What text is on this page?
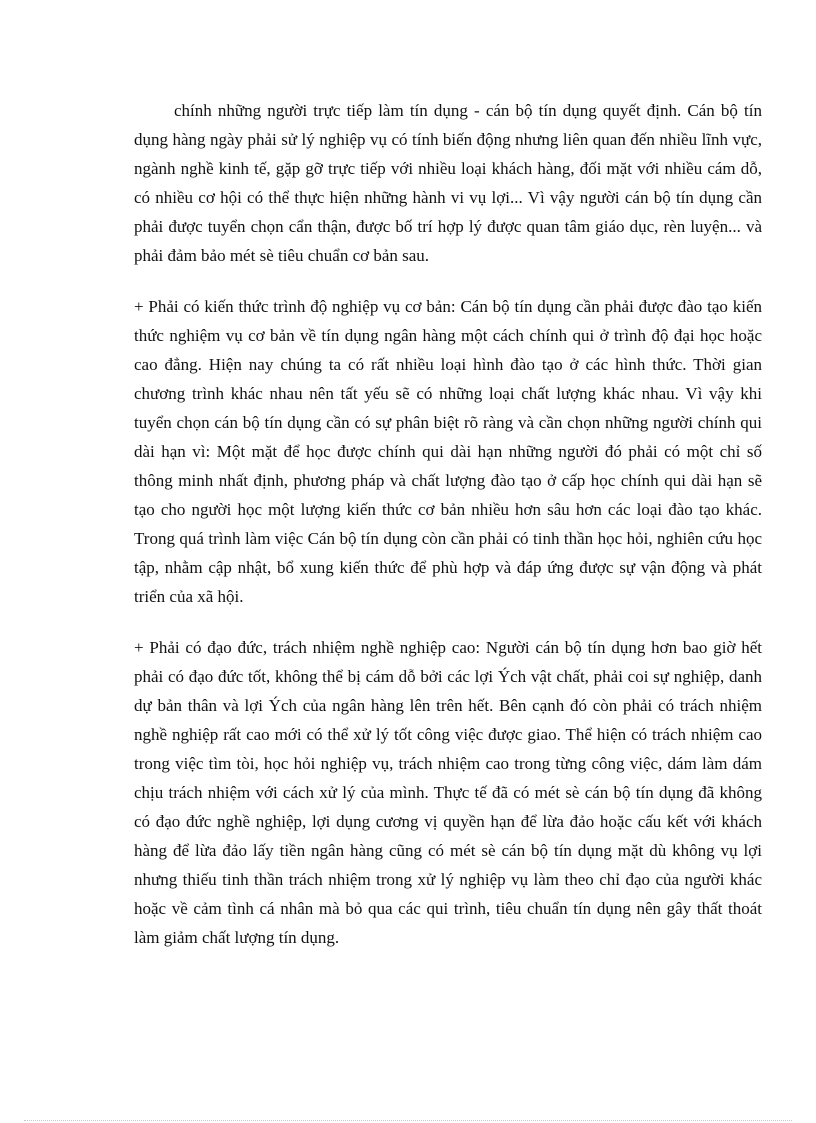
chính những người trực tiếp làm tín dụng - cán bộ tín dụng quyết định. Cán bộ tín dụng hàng ngày phải sử lý nghiệp vụ có tính biến động nhưng liên quan đến nhiều lĩnh vực, ngành nghề kinh tế, gặp gỡ trực tiếp với nhiều loại khách hàng, đối mặt với nhiều cám dỗ, có nhiều cơ hội có thể thực hiện những hành vi vụ lợi... Vì vậy người cán bộ tín dụng cần phải được tuyển chọn cẩn thận, được bố trí hợp lý được quan tâm giáo dục, rèn luyện... và phải đảm bảo mét sè tiêu chuẩn cơ bản sau.

+ Phải có kiến thức trình độ nghiệp vụ cơ bản: Cán bộ tín dụng cần phải được đào tạo kiến thức nghiệm vụ cơ bản về tín dụng ngân hàng một cách chính qui ở trình độ đại học hoặc cao đẳng. Hiện nay chúng ta có rất nhiều loại hình đào tạo ở các hình thức. Thời gian chương trình khác nhau nên tất yếu sẽ có những loại chất lượng khác nhau. Vì vậy khi tuyển chọn cán bộ tín dụng cần có sự phân biệt rõ ràng và cần chọn những người chính qui dài hạn vì: Một mặt để học được chính qui dài hạn những người đó phải có một chỉ số thông minh nhất định, phương pháp và chất lượng đào tạo ở cấp học chính qui dài hạn sẽ tạo cho người học một lượng kiến thức cơ bản nhiều hơn sâu hơn các loại đào tạo khác. Trong quá trình làm việc Cán bộ tín dụng còn cần phải có tinh thần học hỏi, nghiên cứu học tập, nhằm cập nhật, bổ xung kiến thức để phù hợp và đáp ứng được sự vận động và phát triển của xã hội.

+ Phải có đạo đức, trách nhiệm nghề nghiệp cao: Người cán bộ tín dụng hơn bao giờ hết phải có đạo đức tốt, không thể bị cám dỗ bởi các lợi Ých vật chất, phải coi sự nghiệp, danh dự bản thân và lợi Ých của ngân hàng lên trên hết. Bên cạnh đó còn phải có trách nhiệm nghề nghiệp rất cao mới có thể xử lý tốt công việc được giao. Thể hiện có trách nhiệm cao trong việc tìm tòi, học hỏi nghiệp vụ, trách nhiệm cao trong từng công việc, dám làm dám chịu trách nhiệm với cách xử lý của mình. Thực tế đã có mét sè cán bộ tín dụng đã không có đạo đức nghề nghiệp, lợi dụng cương vị quyền hạn để lừa đảo hoặc cấu kết với khách hàng để lừa đảo lấy tiền ngân hàng cũng có mét sè cán bộ tín dụng mặt dù không vụ lợi nhưng thiếu tinh thần trách nhiệm trong xử lý nghiệp vụ làm theo chỉ đạo của người khác hoặc về cảm tình cá nhân mà bỏ qua các qui trình, tiêu chuẩn tín dụng nên gây thất thoát làm giảm chất lượng tín dụng.
